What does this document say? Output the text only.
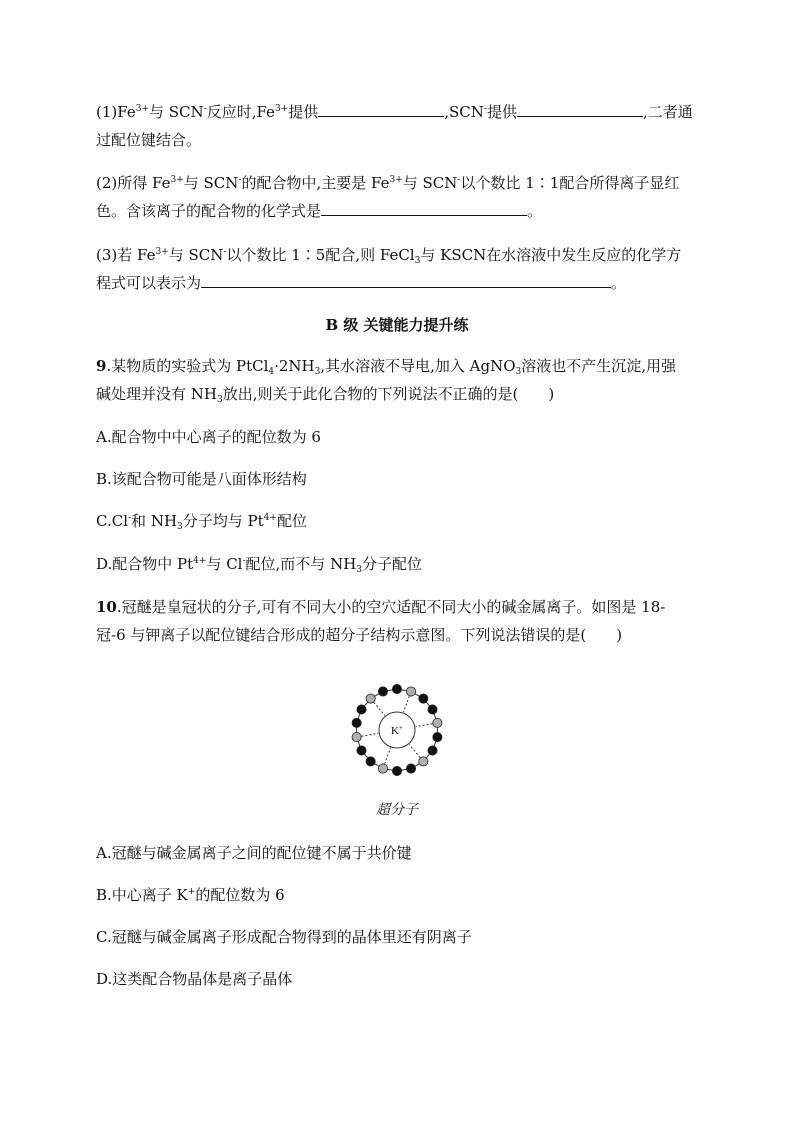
$(1)Fe^{3+}$与 SCN-反应时$,Fe^{3+}$提供	,SCN-提供	,二者通
过配位键结合。
(2)所得 $Fe^{3+}$与 SCN-的配合物中,主要是 $Fe^{3+}$与 SCN-以个数比 1∶1配合所得离子显红
色。含该离子的配合物的化学式是	。
(3)若 $Fe^{3+}$与 SCN-以个数比 1∶5配合,则 FeCl$_3$与 KSCN在水溶液中发生反应的化学方
程式可以表示为	。
B 级 关键能力提升练
9.某物质的实验式为 $PtCl_4\cdot 2NH_3$,其水溶液不导电,加入 AgNO$_3$溶液也不产生沉淀,用强
碱处理并没有 $NH_3$放出,则关于此化合物的下列说法不正确的是(　　)
A.配合物中中心离子的配位数为 6
B.该配合物可能是八面体形结构
C.Cl-和 $NH_3$分子均与 $Pt^{4+}$配位
D.配合物中 $Pt^{4+}$与 Cl-配位,而不与 $NH_3$分子配位
10.冠醚是皇冠状的分子,可有不同大小的空穴适配不同大小的碱金属离子。如图是 18-
冠-6 与钾离子以配位键结合形成的超分子结构示意图。下列说法错误的是(　　)
K+
超分子
A.冠醚与碱金属离子之间的配位键不属于共价键
B.中心离子 K+的配位数为 6
C.冠醚与碱金属离子形成配合物得到的晶体里还有阴离子
D.这类配合物晶体是离子晶体
